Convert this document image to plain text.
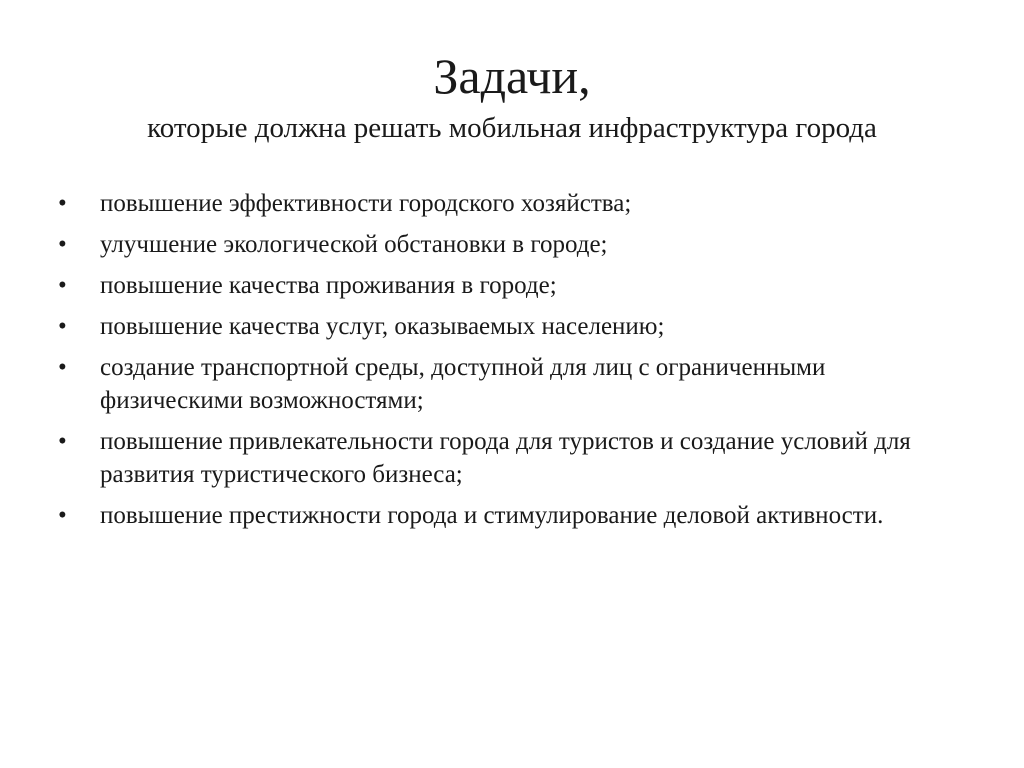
Задачи,
которые должна решать мобильная инфраструктура города
• повышение эффективности городского хозяйства;
• улучшение экологической обстановки в городе;
• повышение качества проживания в городе;
• повышение качества услуг, оказываемых населению;
• создание транспортной среды, доступной для лиц с ограниченными физическими возможностями;
• повышение привлекательности города для туристов и создание условий для развития туристического бизнеса;
• повышение престижности города и стимулирование деловой активности.
